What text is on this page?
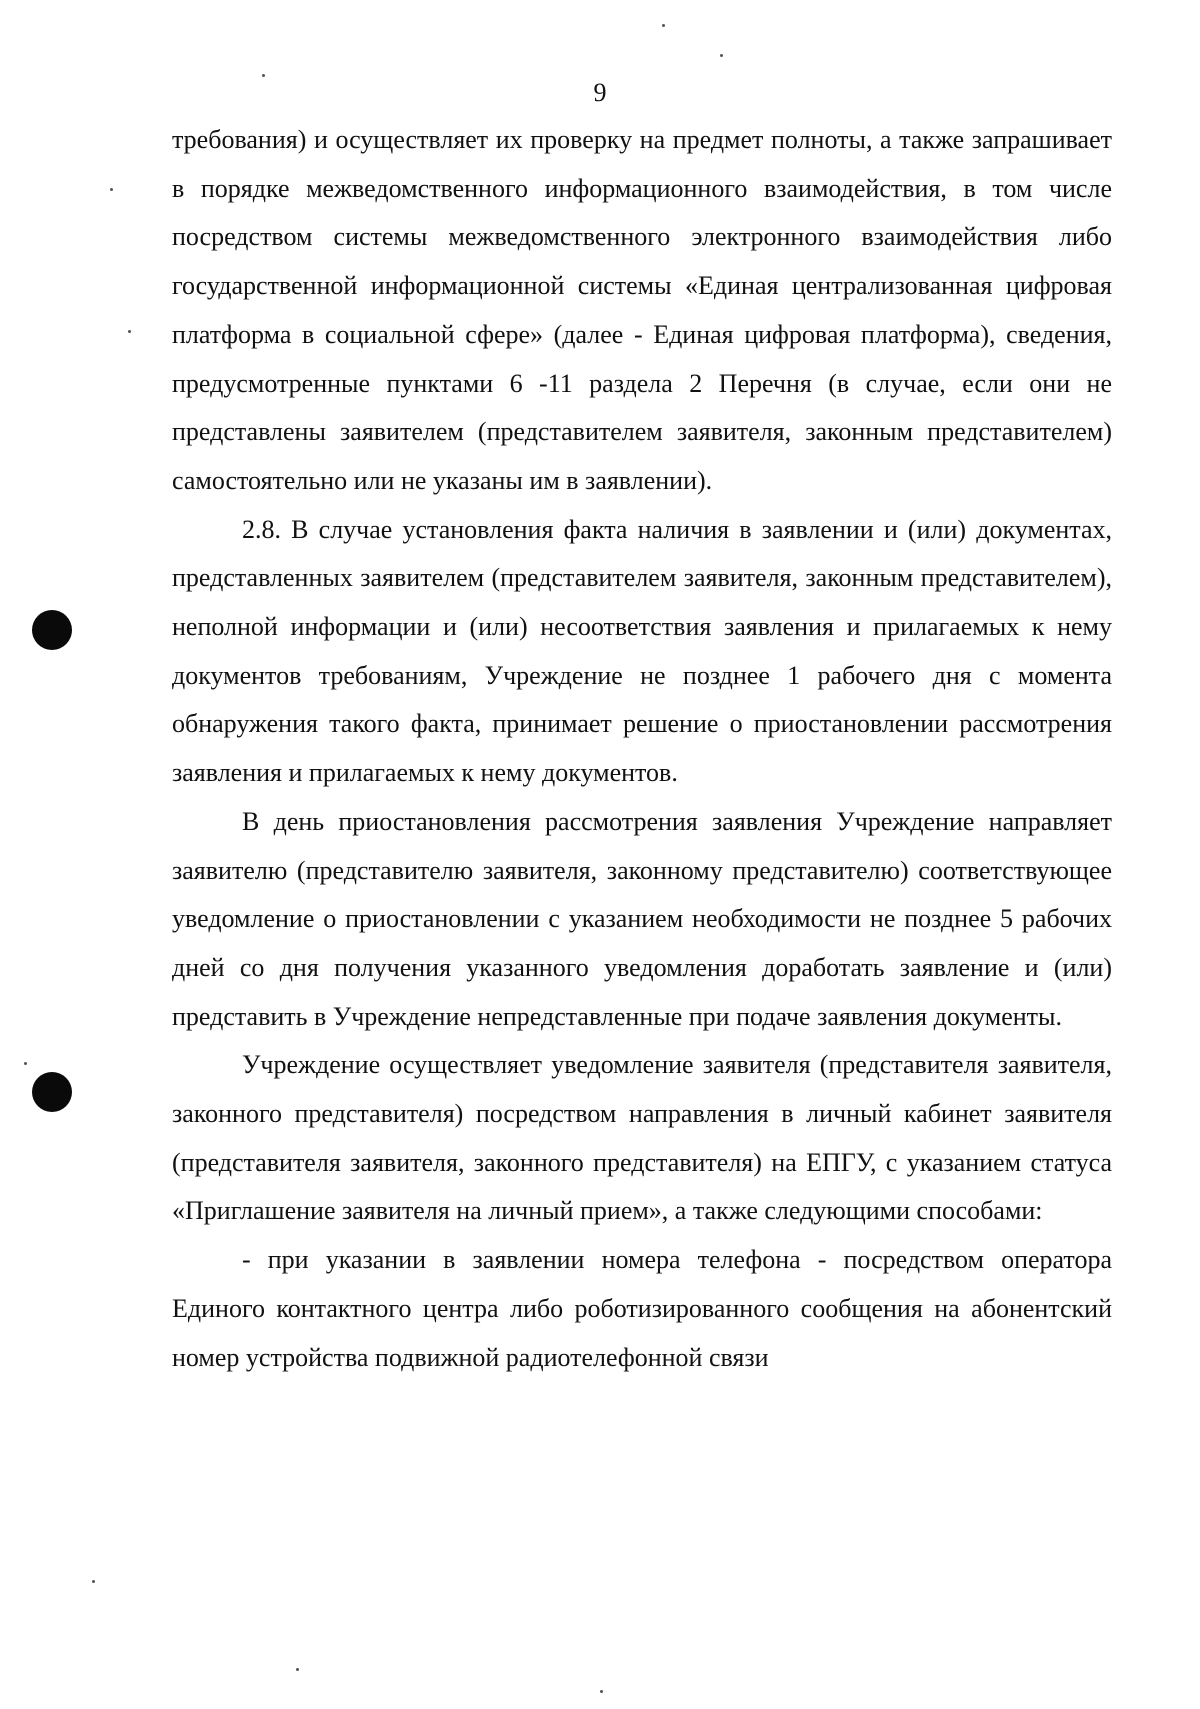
9

требования) и осуществляет их проверку на предмет полноты, а также запрашивает в порядке межведомственного информационного взаимодействия, в том числе посредством системы межведомственного электронного взаимодействия либо государственной информационной системы «Единая централизованная цифровая платформа в социальной сфере» (далее - Единая цифровая платформа), сведения, предусмотренные пунктами 6 -11 раздела 2 Перечня (в случае, если они не представлены заявителем (представителем заявителя, законным представителем) самостоятельно или не указаны им в заявлении).

2.8. В случае установления факта наличия в заявлении и (или) документах, представленных заявителем (представителем заявителя, законным представителем), неполной информации и (или) несоответствия заявления и прилагаемых к нему документов требованиям, Учреждение не позднее 1 рабочего дня с момента обнаружения такого факта, принимает решение о приостановлении рассмотрения заявления и прилагаемых к нему документов.

В день приостановления рассмотрения заявления Учреждение направляет заявителю (представителю заявителя, законному представителю) соответствующее уведомление о приостановлении с указанием необходимости не позднее 5 рабочих дней со дня получения указанного уведомления доработать заявление и (или) представить в Учреждение непредставленные при подаче заявления документы.

Учреждение осуществляет уведомление заявителя (представителя заявителя, законного представителя) посредством направления в личный кабинет заявителя (представителя заявителя, законного представителя) на ЕПГУ, с указанием статуса «Приглашение заявителя на личный прием», а также следующими способами:

- при указании в заявлении номера телефона - посредством оператора Единого контактного центра либо роботизированного сообщения на абонентский номер устройства подвижной радиотелефонной связи
